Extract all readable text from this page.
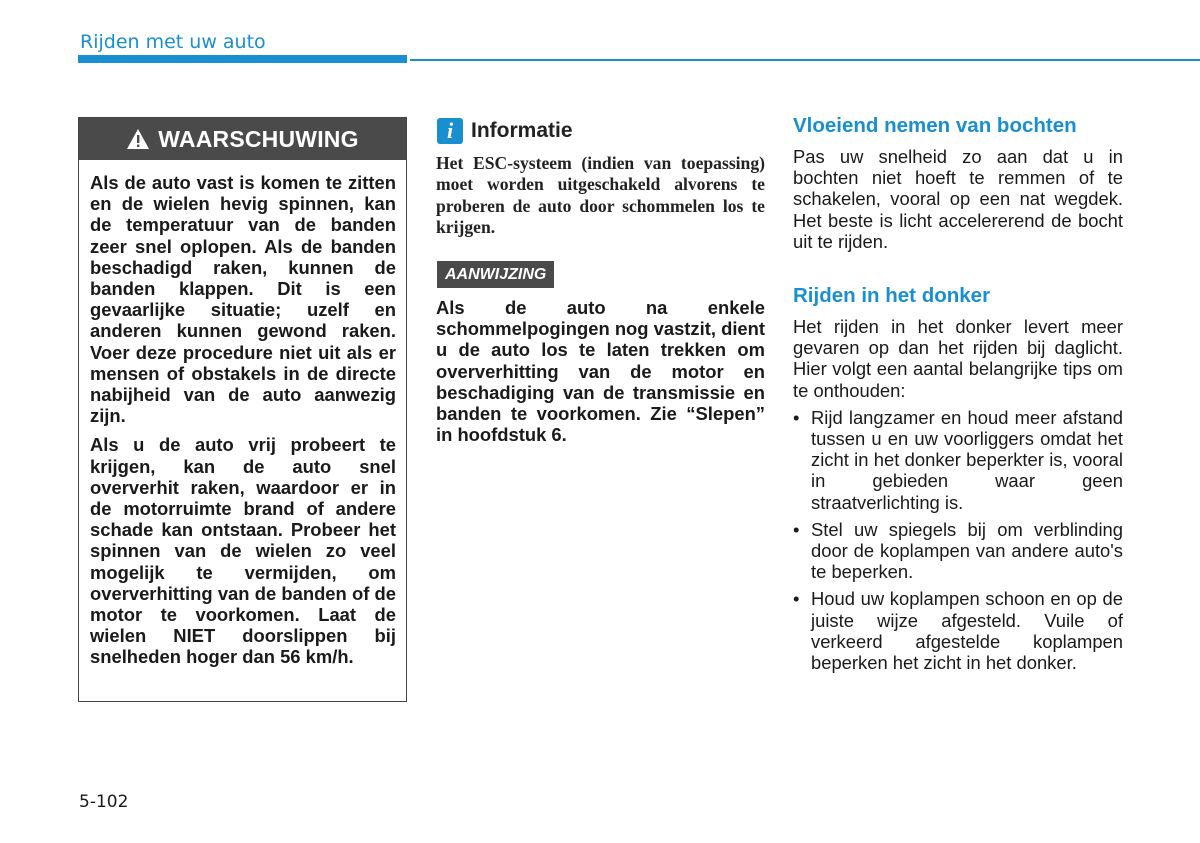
Rijden met uw auto
WAARSCHUWING

Als de auto vast is komen te zitten en de wielen hevig spinnen, kan de temperatuur van de banden zeer snel oplopen. Als de banden beschadigd raken, kunnen de banden klappen. Dit is een gevaarlijke situatie; uzelf en anderen kunnen gewond raken. Voer deze procedure niet uit als er mensen of obstakels in de directe nabijheid van de auto aanwezig zijn.

Als u de auto vrij probeert te krijgen, kan de auto snel oververhit raken, waardoor er in de motorruimte brand of andere schade kan ontstaan. Probeer het spinnen van de wielen zo veel mogelijk te vermijden, om oververhitting van de banden of de motor te voorkomen. Laat de wielen NIET doorslippen bij snelheden hoger dan 56 km/h.

i Informatie

Het ESC-systeem (indien van toepassing) moet worden uitgeschakeld alvorens te proberen de auto door schommelen los te krijgen.

AANWIJZING

Als de auto na enkele schommelpogingen nog vastzit, dient u de auto los te laten trekken om oververhitting van de motor en beschadiging van de transmissie en banden te voorkomen. Zie “Slepen” in hoofdstuk 6.

Vloeiend nemen van bochten

Pas uw snelheid zo aan dat u in bochten niet hoeft te remmen of te schakelen, vooral op een nat wegdek. Het beste is licht accelererend de bocht uit te rijden.

Rijden in het donker

Het rijden in het donker levert meer gevaren op dan het rijden bij daglicht. Hier volgt een aantal belangrijke tips om te onthouden:

• Rijd langzamer en houd meer afstand tussen u en uw voorliggers omdat het zicht in het donker beperkter is, vooral in gebieden waar geen straatverlichting is.
• Stel uw spiegels bij om verblinding door de koplampen van andere auto's te beperken.
• Houd uw koplampen schoon en op de juiste wijze afgesteld. Vuile of verkeerd afgestelde koplampen beperken het zicht in het donker.
5-102
